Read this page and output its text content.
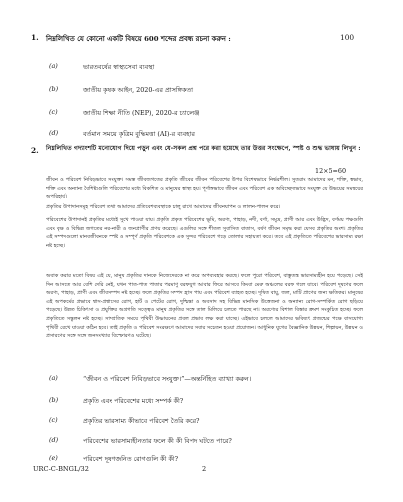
1. নিম্নলিখিত যে কোনো একটি বিষয়ে 600 শব্দের প্রবন্ধ রচনা করুন :	100
(a)	ভারতবর্ষের স্বাস্থ্যসেবা ব্যবস্থা
(b)	জাতীয় কৃষক আইন, 2020-এর প্রাসঙ্গিকতা
(c)	জাতীয় শিক্ষা নীতি (NEP), 2020-র চ্যালেঞ্জ
(d)	বর্তমান সময়ে কৃত্রিম বুদ্ধিমত্তা (AI)-র ব্যবহার
2. নিম্নলিখিত গদ্যাংশটি মনোযোগ দিয়ে পড়ুন এবং যে-সকল প্রশ্ন পরে করা হয়েছে তার উত্তর সংক্ষেপে, স্পষ্ট ও শুদ্ধ ভাষায় লিখুন :
12×5=60
জীবন ও পরিবেশ নিবিড়ভাবে সংযুক্ত। সমস্ত জীবজগতের প্রকৃতি জীবের জীবন পরিবেশের উপর বিশেষভাবে নির্ভরশীল। সুতরাং আমাদের মন, শক্তি, স্বভাব, শক্তি এবং অন্যান্য বৈশিষ্ট্যগুলি পরিবেশের মধ্যে বিকশিত ও মানুষের স্বাস্থ্য হয়। পূর্ণাঙ্গভাবে জীবন এবং পরিবেশ এক অবিচ্ছেদ্যভাবে সংযুক্ত যে উভয়ের সমন্বয়ের অপরিহার্য।
প্রকৃতির উপাদানসমূহ পরিবেশ তথা আমাদের প্রতিবেশব্যবস্থাকে চালু রাখে আমাদের জীবনযাপন ও লালন-পালন করে।
পরিবেশের উপাদানই প্রকৃতির মধ্যেই সুখে পাওয়া যায়। প্রকৃতি প্রকৃত পরিবেশের ভূমি, অরণ্য, পাহাড়, নদী, বর্ণা, সমুদ্র, প্রাণী আর এবং উদ্ভিদ, বর্ণময় পক্ষগুলি এবং বৃক্ষ ও বিভিন্ন জগতের নর-নারী ও জনপ্রাণীর প্রণয় করেছে। এগুলির সঙ্গে শীতল সুবাসিত বাতাস, বর্ষণ জীবন সমৃদ্ধ করা যেসব প্রকৃতির অংশ। প্রকৃতির এই সম্পদগুলো মানবজীবনকে স্পষ্ট ও সম্পূর্ণ প্রকৃতি পরিবেশকে এক সুন্দর পরিবেশে গড়ে তোলার সহায়তা করে। তবে এই প্রকৃতিতে পরিবেশের ভারসাম্য রক্ষা নষ্ট হচ্ছে।
অবাক করার মতো বিষয় এই যে, মানুষ প্রকৃতির দানকে নিজেদেরকে না করে অপব্যবহার করছে। ফলে পুরো পরিবেশ, বাস্তুতন্ত্র ভারসাম্যহীন হয়ে পড়েছে। সেই দিন আসতে আর বেশি দেরি নেই, যখন পাত-পাত পাতার পরমাণু বরফযুগ আবার ফিরে আসবে কিংবা মেরু অঞ্চলের বরফ গলে যাবে। পরিবেশ দূষণের ফলে অরণ্য, পাহাড়, প্রাণী এবং জীবসম্পদ নষ্ট হচ্ছে। ফলে প্রকৃতির সম্পদ হ্রাস পায় এবং পরিবেশ ব্যাহত হচ্ছে। দূষিত বায়ু, জল, মাটি প্রাণের জন্য ক্ষতিকর। মানুষের এই অপকর্মের প্রভাবে শ্বাস-প্রশ্বাসের রোগ, হার্ট ও পেটের রোগ, দুশ্চিন্তা ও অবসাদ সহ বিভিন্ন মানসিক উত্তেজনা ও অন্যান্য রোগ-সম্পর্কিত রোগ ছড়িয়ে পড়েছে। উন্নত চিকিৎসা ও প্রযুক্তির অগ্রগতি সত্ত্বেও মানুষ প্রকৃতির সঙ্গে তাল মিলিয়ে চলতে পারছে না। অরণ্যের বিশাল বিস্তার ক্রমশ সংকুচিত হচ্ছে। ফলে প্রকৃতিতে সন্তুলন নষ্ট হচ্ছে। সাম্প্রতিক সময়ে পৃথিবী উষ্ণায়নের প্রবল প্রভাব লক্ষ করা যাচ্ছে। এইভাবে চললে আমাদের ভবিষ্যৎ প্রজন্মের পক্ষে বাসযোগ্য পৃথিবী রেখে যাওয়া কঠিন হবে। তাই প্রকৃতি ও পরিবেশ সংরক্ষণে আমাদের সবার সচেতন হওয়া প্রয়োজন। আধুনিক যুগের বৈজ্ঞানিক উন্নয়ন, শিল্পায়ন, উন্নয়ন ও প্রসারণের সঙ্গে সঙ্গে জনসংখ্যার বিস্ফোরণও ঘটেছে।
(a)	“জীবন ও পরিবেশ নিবিড়ভাবে সংযুক্ত।”—অন্তর্নিহিত ব্যাখ্যা করুন।
(b)	প্রকৃতি এবং পরিবেশের মধ্যে সম্পর্ক কী?
(c)	প্রকৃতির ভারসাম্য কীভাবে পরিবেশ তৈরি করে?
(d)	পরিবেশের ভারসাম্যহীনতার ফলে কী কী বিপদ ঘটতে পারে?
(e)	পরিবেশ দূষণজনিত রোগগুলি কী কী?
URC-C-BNGL/32	2
